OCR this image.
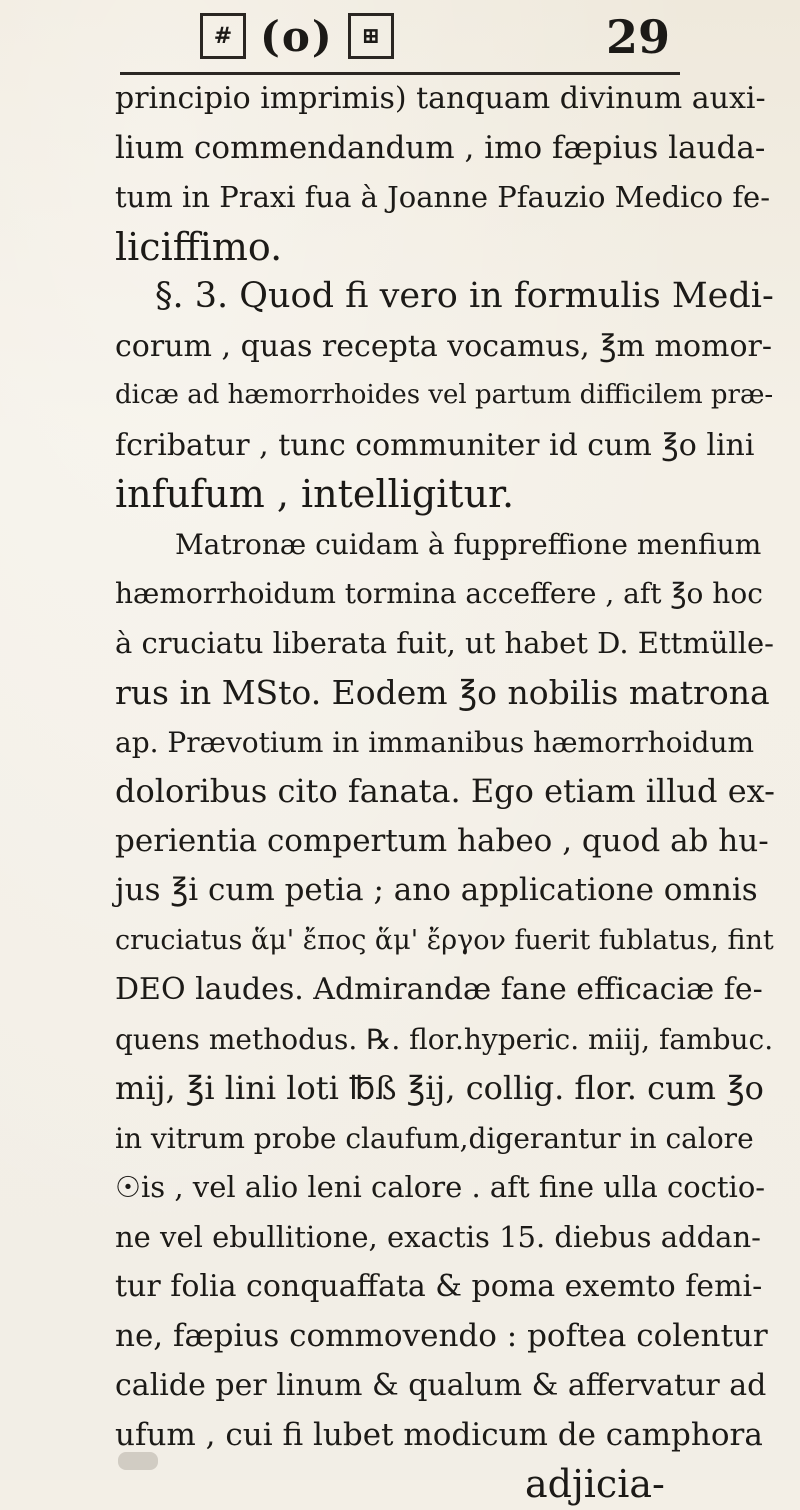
# (o)	⊞	29
principio imprimis) tanquam divinum auxi-
lium commendandum , imo fæpius lauda-
tum in Praxi fua à Joanne Pfauzio Medico fe-
liciffimo.
§. 3. Quod fi vero in formulis Medi-
corum , quas recepta vocamus, ℥m momor-
dicæ ad hæmorrhoides vel partum difficilem præ-
fcribatur , tunc communiter id cum ℥o lini
infufum , intelligitur.
Matronæ cuidam à fuppreffione menfium
hæmorrhoidum tormina acceffere , aft ℥o hoc
à cruciatu liberata fuit, ut habet D. Ettmülle-
rus in MSto. Eodem ℥o nobilis matrona
ap. Prævotium in immanibus hæmorrhoidum
doloribus cito fanata. Ego etiam illud ex-
perientia compertum habeo , quod ab hu-
jus ℥i cum petia ; ano applicatione omnis
cruciatus ἅμ' ἔπος ἅμ' ἔργον fuerit fublatus, fint
DEO laudes. Admirandæ fane efficaciæ fe-
quens methodus. ℞. flor.hyperic. miij, fambuc.
mij, ℥i lini loti ℔ß ℥ij, collig. flor. cum ℥o
in vitrum probe claufum,digerantur in calore
☉is , vel alio leni calore . aft fine ulla coctio-
ne vel ebullitione, exactis 15. diebus addan-
tur folia conquaffata & poma exemto femi-
ne, fæpius commovendo : poftea colentur
calide per linum & qualum & affervatur ad
ufum , cui fi lubet modicum de camphora
adjicia-
